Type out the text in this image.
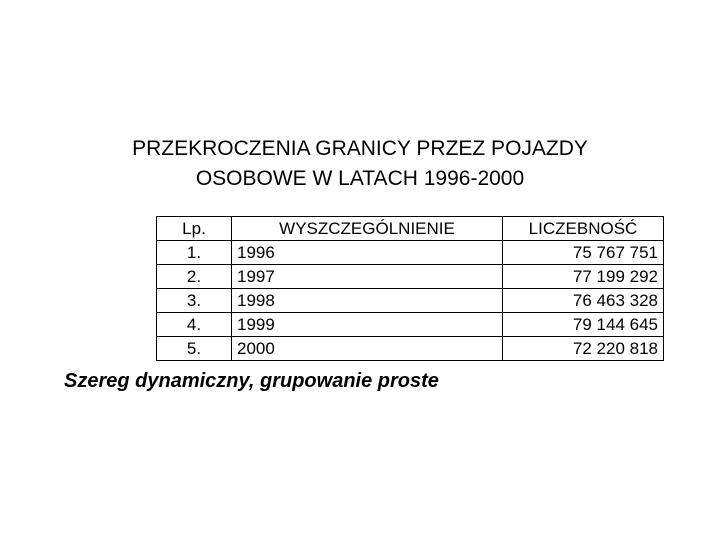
PRZEKROCZENIA GRANICY PRZEZ POJAZDY
OSOBOWE W LATACH 1996-2000
Lp.	WYSZCZEGÓLNIENIE	LICZEBNOŚĆ
1.	1996	75 767 751
2.	1997	77 199 292
3.	1998	76 463 328
4.	1999	79 144 645
5.	2000	72 220 818

Szereg dynamiczny, grupowanie proste
